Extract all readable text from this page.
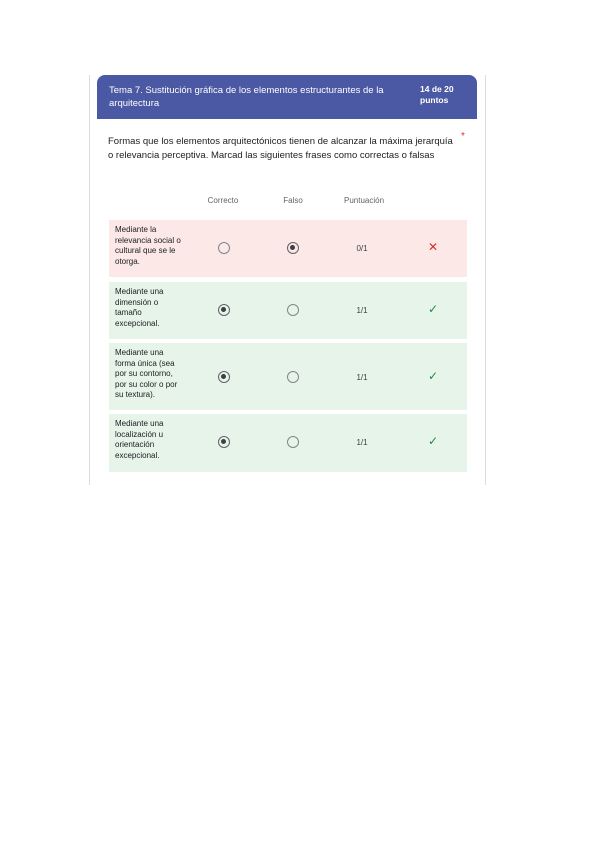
Tema 7. Sustitución gráfica de los elementos estructurantes de la arquitectura
14 de 20 puntos
Formas que los elementos arquitectónicos tienen de alcanzar la máxima jerarquía o relevancia perceptiva. Marcad las siguientes frases como correctas o falsas
*
Correcto	Falso	Puntuación
Mediante la relevancia social o cultural que se le otorga.
0/1	✕
Mediante una dimensión o tamaño excepcional.
1/1	✓
Mediante una forma única (sea por su contorno, por su color o por su textura).
1/1	✓
Mediante una localización u orientación excepcional.
1/1	✓
